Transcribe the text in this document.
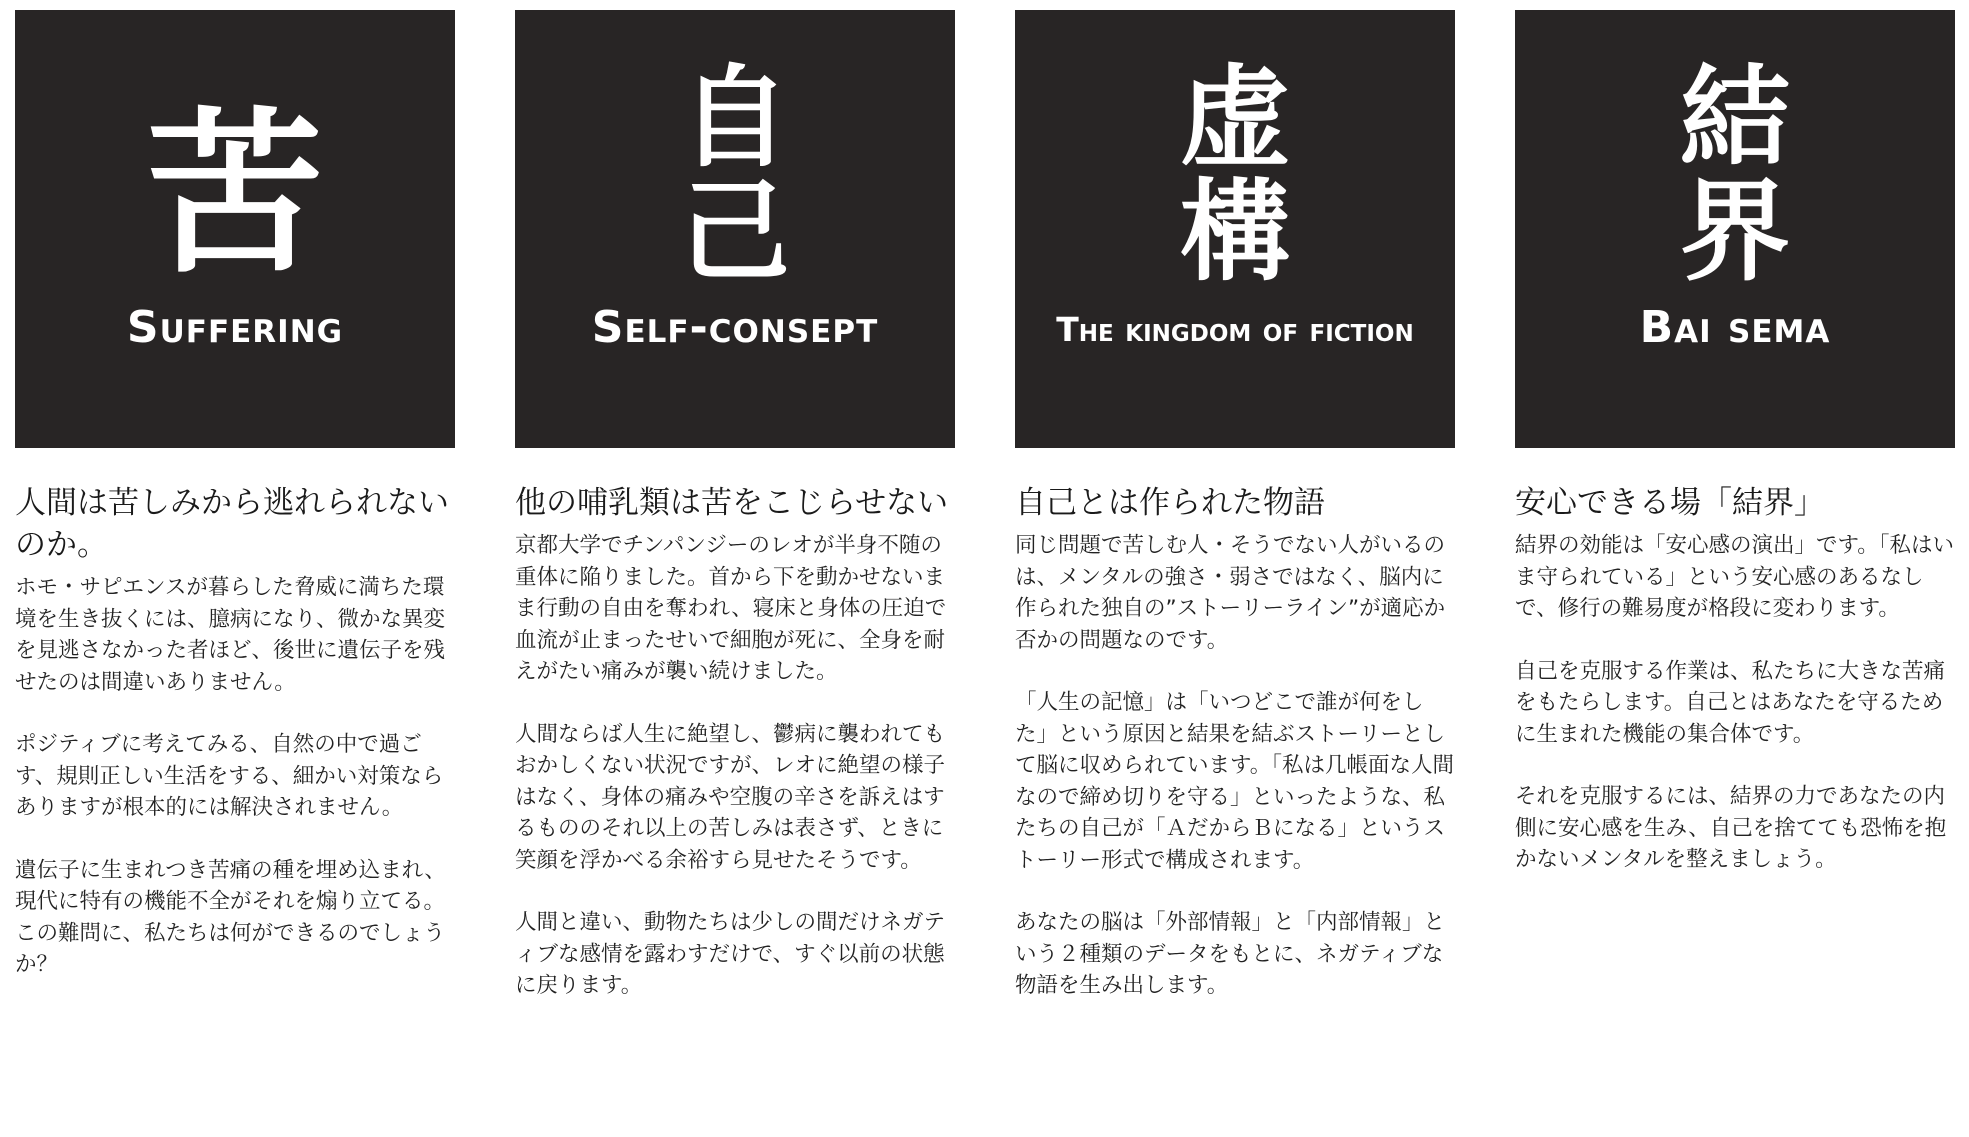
苦
Suffering
人間は苦しみから逃れられないのか。

ホモ・サピエンスが暮らした脅威に満ちた環境を生き抜くには、臆病になり、微かな異変を見逃さなかった者ほど、後世に遺伝子を残せたのは間違いありません。

ポジティブに考えてみる、自然の中で過ごす、規則正しい生活をする、細かい対策ならありますが根本的には解決されません。

遺伝子に生まれつき苦痛の種を埋め込まれ、現代に特有の機能不全がそれを煽り立てる。この難問に、私たちは何ができるのでしょうか？

自
己
Self-consept
他の哺乳類は苦をこじらせない

京都大学でチンパンジーのレオが半身不随の重体に陥りました。首から下を動かせないまま行動の自由を奪われ、寝床と身体の圧迫で血流が止まったせいで細胞が死に、全身を耐えがたい痛みが襲い続けました。

人間ならば人生に絶望し、鬱病に襲われてもおかしくない状況ですが、レオに絶望の様子はなく、身体の痛みや空腹の辛さを訴えはするもののそれ以上の苦しみは表さず、ときに笑顔を浮かべる余裕すら見せたそうです。

人間と違い、動物たちは少しの間だけネガティブな感情を露わすだけで、すぐ以前の状態に戻ります。

虚
構
The kingdom of fiction
自己とは作られた物語

同じ問題で苦しむ人・そうでない人がいるのは、メンタルの強さ・弱さではなく、脳内に作られた独自の”ストーリーライン”が適応か否かの問題なのです。

「人生の記憶」は「いつどこで誰が何をした」という原因と結果を結ぶストーリーとして脳に収められています。「私は几帳面な人間なので締め切りを守る」といったような、私たちの自己が「ＡだからＢになる」というストーリー形式で構成されます。

あなたの脳は「外部情報」と「内部情報」という２種類のデータをもとに、ネガティブな物語を生み出します。

結
界
Bai sema
安心できる場「結界」

結界の効能は「安心感の演出」です。「私はいま守られている」という安心感のあるなしで、修行の難易度が格段に変わります。

自己を克服する作業は、私たちに大きな苦痛をもたらします。自己とはあなたを守るために生まれた機能の集合体です。

それを克服するには、結界の力であなたの内側に安心感を生み、自己を捨てても恐怖を抱かないメンタルを整えましょう。
